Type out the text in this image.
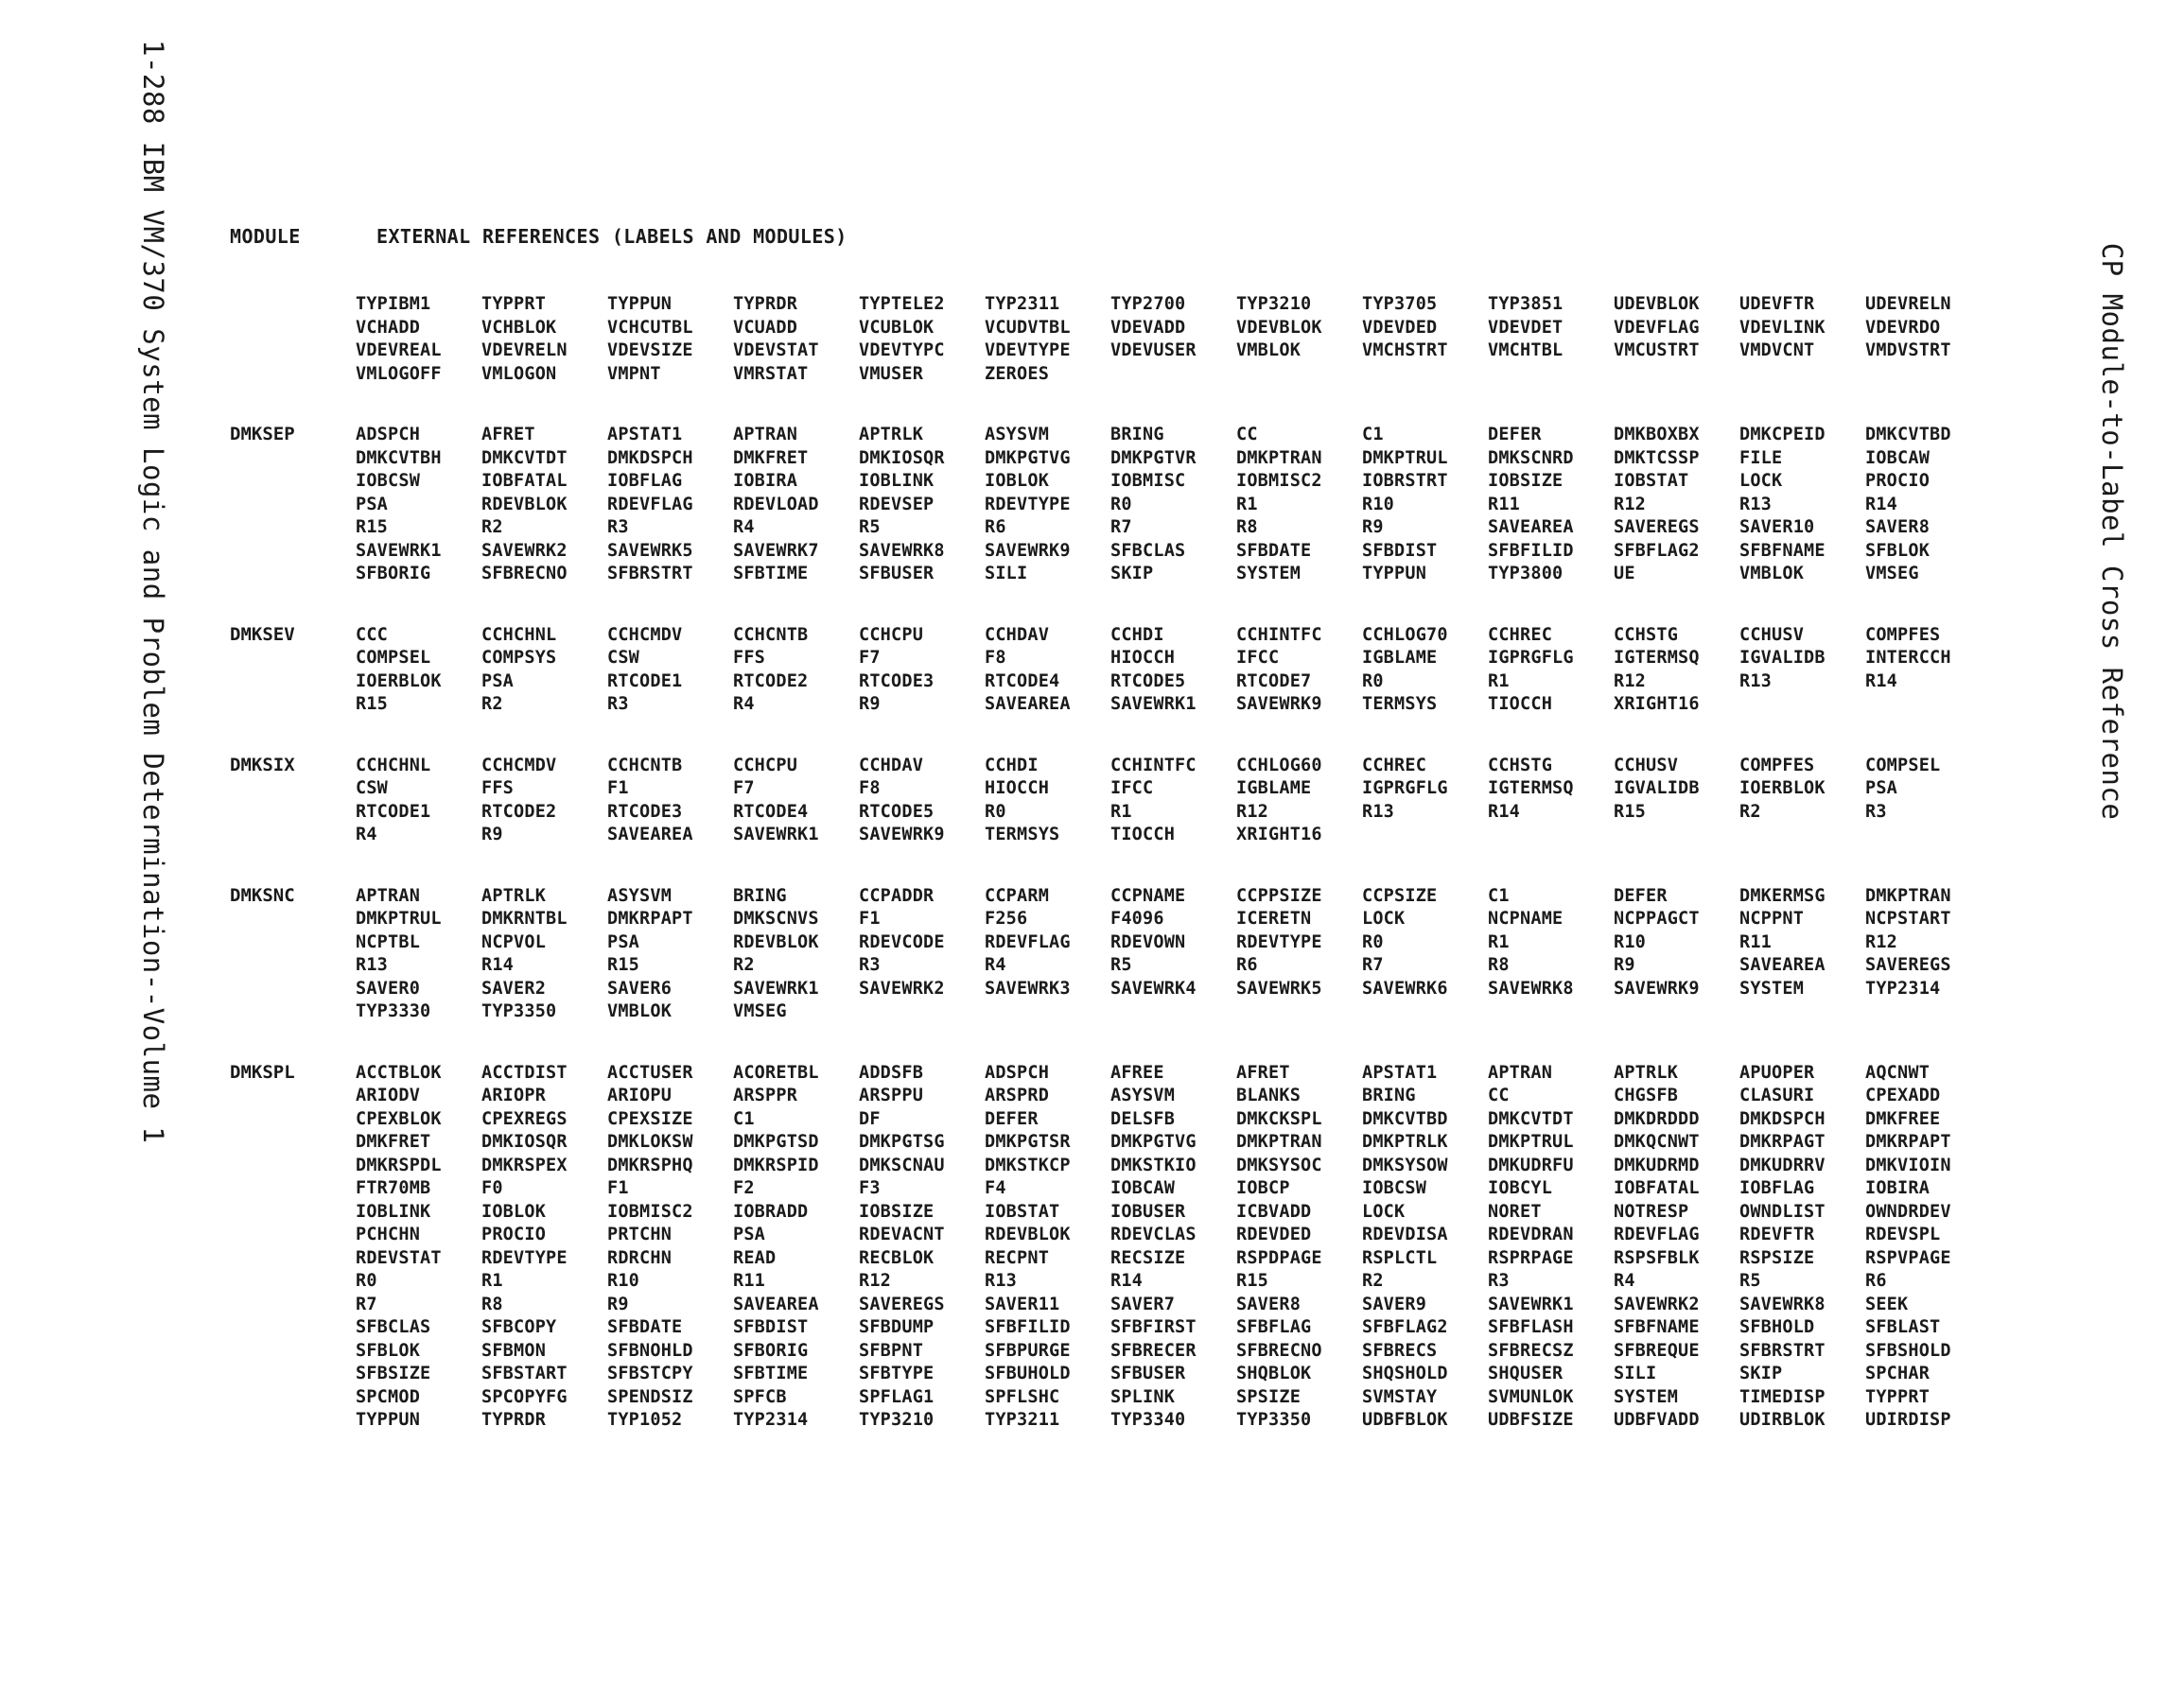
1-288 IBM VM/370 System Logic and Problem Determination--Volume 1	CP Module-to-Label Cross Reference
MODULE	EXTERNAL REFERENCES (LABELS AND MODULES)
TYPIBM1	TYPPRT	TYPPUN	TYPRDR	TYPTELE2	TYP2311	TYP2700	TYP3210	TYP3705	TYP3851	UDEVBLOK	UDEVFTR	UDEVRELN
VCHADD	VCHBLOK	VCHCUTBL	VCUADD	VCUBLOK	VCUDVTBL	VDEVADD	VDEVBLOK	VDEVDED	VDEVDET	VDEVFLAG	VDEVLINK	VDEVRDO
VDEVREAL	VDEVRELN	VDEVSIZE	VDEVSTAT	VDEVTYPC	VDEVTYPE	VDEVUSER	VMBLOK	VMCHSTRT	VMCHTBL	VMCUSTRT	VMDVCNT	VMDVSTRT
VMLOGOFF	VMLOGON	VMPNT	VMRSTAT	VMUSER	ZEROES
DMKSEP	ADSPCH	AFRET	APSTAT1	APTRAN	APTRLK	ASYSVM	BRING	CC	C1	DEFER	DMKBOXBX	DMKCPEID	DMKCVTBD
DMKCVTBH	DMKCVTDT	DMKDSPCH	DMKFRET	DMKIOSQR	DMKPGTVG	DMKPGTVR	DMKPTRAN	DMKPTRUL	DMKSCNRD	DMKTCSSP	FILE	IOBCAW
IOBCSW	IOBFATAL	IOBFLAG	IOBIRA	IOBLINK	IOBLOK	IOBMISC	IOBMISC2	IOBRSTRT	IOBSIZE	IOBSTAT	LOCK	PROCIO
PSA	RDEVBLOK	RDEVFLAG	RDEVLOAD	RDEVSEP	RDEVTYPE	R0	R1	R10	R11	R12	R13	R14
R15	R2	R3	R4	R5	R6	R7	R8	R9	SAVEAREA	SAVEREGS	SAVER10	SAVER8
SAVEWRK1	SAVEWRK2	SAVEWRK5	SAVEWRK7	SAVEWRK8	SAVEWRK9	SFBCLAS	SFBDATE	SFBDIST	SFBFILID	SFBFLAG2	SFBFNAME	SFBLOK
SFBORIG	SFBRECNO	SFBRSTRT	SFBTIME	SFBUSER	SILI	SKIP	SYSTEM	TYPPUN	TYP3800	UE	VMBLOK	VMSEG
DMKSEV	CCC	CCHCHNL	CCHCMDV	CCHCNTB	CCHCPU	CCHDAV	CCHDI	CCHINTFC	CCHLOG70	CCHREC	CCHSTG	CCHUSV	COMPFES
COMPSEL	COMPSYS	CSW	FFS	F7	F8	HIOCCH	IFCC	IGBLAME	IGPRGFLG	IGTERMSQ	IGVALIDB	INTERCCH
IOERBLOK	PSA	RTCODE1	RTCODE2	RTCODE3	RTCODE4	RTCODE5	RTCODE7	R0	R1	R12	R13	R14
R15	R2	R3	R4	R9	SAVEAREA	SAVEWRK1	SAVEWRK9	TERMSYS	TIOCCH	XRIGHT16
DMKSIX	CCHCHNL	CCHCMDV	CCHCNTB	CCHCPU	CCHDAV	CCHDI	CCHINTFC	CCHLOG60	CCHREC	CCHSTG	CCHUSV	COMPFES	COMPSEL
CSW	FFS	F1	F7	F8	HIOCCH	IFCC	IGBLAME	IGPRGFLG	IGTERMSQ	IGVALIDB	IOERBLOK	PSA
RTCODE1	RTCODE2	RTCODE3	RTCODE4	RTCODE5	R0	R1	R12	R13	R14	R15	R2	R3
R4	R9	SAVEAREA	SAVEWRK1	SAVEWRK9	TERMSYS	TIOCCH	XRIGHT16
DMKSNC	APTRAN	APTRLK	ASYSVM	BRING	CCPADDR	CCPARM	CCPNAME	CCPPSIZE	CCPSIZE	C1	DEFER	DMKERMSG	DMKPTRAN
DMKPTRUL	DMKRNTBL	DMKRPAPT	DMKSCNVS	F1	F256	F4096	ICERETN	LOCK	NCPNAME	NCPPAGCT	NCPPNT	NCPSTART
NCPTBL	NCPVOL	PSA	RDEVBLOK	RDEVCODE	RDEVFLAG	RDEVOWN	RDEVTYPE	R0	R1	R10	R11	R12
R13	R14	R15	R2	R3	R4	R5	R6	R7	R8	R9	SAVEAREA	SAVEREGS
SAVER0	SAVER2	SAVER6	SAVEWRK1	SAVEWRK2	SAVEWRK3	SAVEWRK4	SAVEWRK5	SAVEWRK6	SAVEWRK8	SAVEWRK9	SYSTEM	TYP2314
TYP3330	TYP3350	VMBLOK	VMSEG
DMKSPL	ACCTBLOK	ACCTDIST	ACCTUSER	ACORETBL	ADDSFB	ADSPCH	AFREE	AFRET	APSTAT1	APTRAN	APTRLK	APUOPER	AQCNWT
ARIODV	ARIOPR	ARIOPU	ARSPPR	ARSPPU	ARSPRD	ASYSVM	BLANKS	BRING	CC	CHGSFB	CLASURI	CPEXADD
CPEXBLOK	CPEXREGS	CPEXSIZE	C1	DF	DEFER	DELSFB	DMKCKSPL	DMKCVTBD	DMKCVTDT	DMKDRDDD	DMKDSPCH	DMKFREE
DMKFRET	DMKIOSQR	DMKLOKSW	DMKPGTSD	DMKPGTSG	DMKPGTSR	DMKPGTVG	DMKPTRAN	DMKPTRLK	DMKPTRUL	DMKQCNWT	DMKRPAGT	DMKRPAPT
DMKRSPDL	DMKRSPEX	DMKRSPHQ	DMKRSPID	DMKSCNAU	DMKSTKCP	DMKSTKIO	DMKSYSOC	DMKSYSOW	DMKUDRFU	DMKUDRMD	DMKUDRRV	DMKVIOIN
FTR70MB	F0	F1	F2	F3	F4	IOBCAW	IOBCP	IOBCSW	IOBCYL	IOBFATAL	IOBFLAG	IOBIRA
IOBLINK	IOBLOK	IOBMISC2	IOBRADD	IOBSIZE	IOBSTAT	IOBUSER	ICBVADD	LOCK	NORET	NOTRESP	OWNDLIST	OWNDRDEV
PCHCHN	PROCIO	PRTCHN	PSA	RDEVACNT	RDEVBLOK	RDEVCLAS	RDEVDED	RDEVDISA	RDEVDRAN	RDEVFLAG	RDEVFTR	RDEVSPL
RDEVSTAT	RDEVTYPE	RDRCHN	READ	RECBLOK	RECPNT	RECSIZE	RSPDPAGE	RSPLCTL	RSPRPAGE	RSPSFBLK	RSPSIZE	RSPVPAGE
R0	R1	R10	R11	R12	R13	R14	R15	R2	R3	R4	R5	R6
R7	R8	R9	SAVEAREA	SAVEREGS	SAVER11	SAVER7	SAVER8	SAVER9	SAVEWRK1	SAVEWRK2	SAVEWRK8	SEEK
SFBCLAS	SFBCOPY	SFBDATE	SFBDIST	SFBDUMP	SFBFILID	SFBFIRST	SFBFLAG	SFBFLAG2	SFBFLASH	SFBFNAME	SFBHOLD	SFBLAST
SFBLOK	SFBMON	SFBNOHLD	SFBORIG	SFBPNT	SFBPURGE	SFBRECER	SFBRECNO	SFBRECS	SFBRECSZ	SFBREQUE	SFBRSTRT	SFBSHOLD
SFBSIZE	SFBSTART	SFBSTCPY	SFBTIME	SFBTYPE	SFBUHOLD	SFBUSER	SHQBLOK	SHQSHOLD	SHQUSER	SILI	SKIP	SPCHAR
SPCMOD	SPCOPYFG	SPENDSIZ	SPFCB	SPFLAG1	SPFLSHC	SPLINK	SPSIZE	SVMSTAY	SVMUNLOK	SYSTEM	TIMEDISP	TYPPRT
TYPPUN	TYPRDR	TYP1052	TYP2314	TYP3210	TYP3211	TYP3340	TYP3350	UDBFBLOK	UDBFSIZE	UDBFVADD	UDIRBLOK	UDIRDISP
